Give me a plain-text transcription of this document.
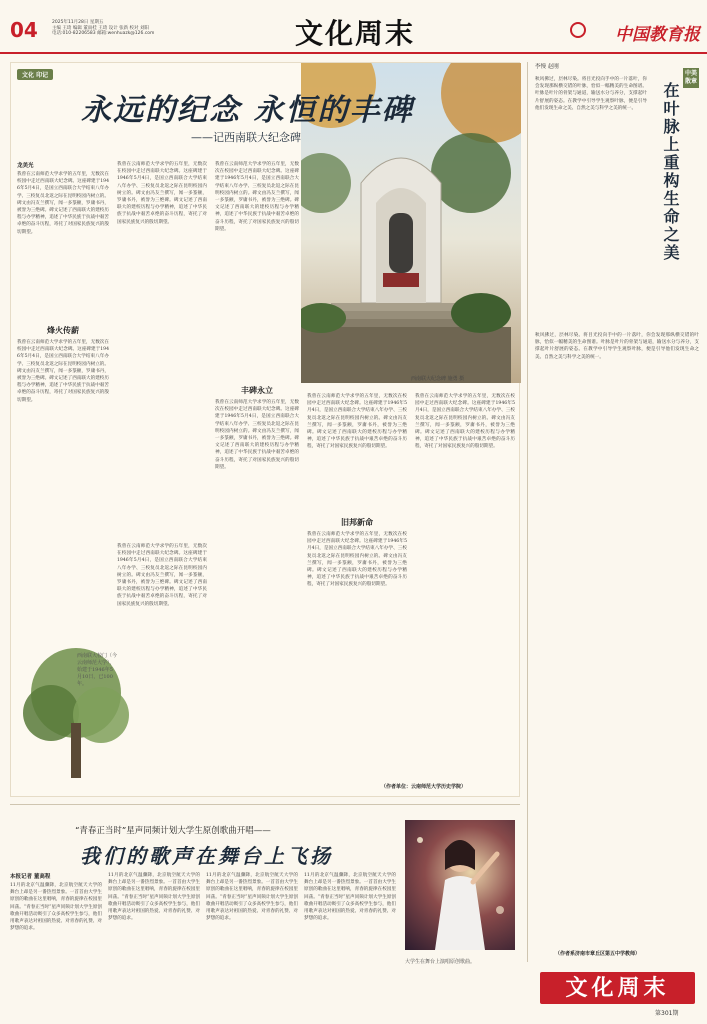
04	2025年11月28日 星期五
主编 王琦 编辑 董雨桂 王琦 设计 张新 校对 刘阳
电话:010-82206583 邮箱:wenhuazk@126.com	文化周末	中国教育报
文化 印记
永远的纪念 永恒的丰碑
——记西南联大纪念碑
西南联大纪念碑 施勇 摄
龙美光
我曾在云南师范大学求学的五年里，无数次在校园中走过西南联大纪念碑。这座碑建于1946年5月4日，是国立西南联合大学结束八年办学、三校复员北返之际在昆明校园内树立的。碑文由冯友兰撰写，闻一多篆额，罗庸书丹，被誉为三绝碑。碑文记述了西南联大的建校历程与办学精神，追述了中华民族于抗战中艰苦卓绝的奋斗历程，寄托了对国家民族复兴的殷切期望。
烽火传薪
我曾在云南师范大学求学的五年里，无数次在校园中走过西南联大纪念碑。这座碑建于1946年5月4日，是国立西南联合大学结束八年办学、三校复员北返之际在昆明校园内树立的。碑文由冯友兰撰写，闻一多篆额，罗庸书丹，被誉为三绝碑。碑文记述了西南联大的建校历程与办学精神，追述了中华民族于抗战中艰苦卓绝的奋斗历程，寄托了对国家民族复兴的殷切期望。
西南联大校门（今云南师范大学），始建于1946年5月10日，已100年。
我曾在云南师范大学求学的五年里，无数次在校园中走过西南联大纪念碑。这座碑建于1946年5月4日，是国立西南联合大学结束八年办学、三校复员北返之际在昆明校园内树立的。碑文由冯友兰撰写，闻一多篆额，罗庸书丹，被誉为三绝碑。碑文记述了西南联大的建校历程与办学精神，追述了中华民族于抗战中艰苦卓绝的奋斗历程，寄托了对国家民族复兴的殷切期望。
我曾在云南师范大学求学的五年里，无数次在校园中走过西南联大纪念碑。这座碑建于1946年5月4日，是国立西南联合大学结束八年办学、三校复员北返之际在昆明校园内树立的。碑文由冯友兰撰写，闻一多篆额，罗庸书丹，被誉为三绝碑。碑文记述了西南联大的建校历程与办学精神，追述了中华民族于抗战中艰苦卓绝的奋斗历程，寄托了对国家民族复兴的殷切期望。
我曾在云南师范大学求学的五年里，无数次在校园中走过西南联大纪念碑。这座碑建于1946年5月4日，是国立西南联合大学结束八年办学、三校复员北返之际在昆明校园内树立的。碑文由冯友兰撰写，闻一多篆额，罗庸书丹，被誉为三绝碑。碑文记述了西南联大的建校历程与办学精神，追述了中华民族于抗战中艰苦卓绝的奋斗历程，寄托了对国家民族复兴的殷切期望。
丰碑永立
我曾在云南师范大学求学的五年里，无数次在校园中走过西南联大纪念碑。这座碑建于1946年5月4日，是国立西南联合大学结束八年办学、三校复员北返之际在昆明校园内树立的。碑文由冯友兰撰写，闻一多篆额，罗庸书丹，被誉为三绝碑。碑文记述了西南联大的建校历程与办学精神，追述了中华民族于抗战中艰苦卓绝的奋斗历程，寄托了对国家民族复兴的殷切期望。
我曾在云南师范大学求学的五年里，无数次在校园中走过西南联大纪念碑。这座碑建于1946年5月4日，是国立西南联合大学结束八年办学、三校复员北返之际在昆明校园内树立的。碑文由冯友兰撰写，闻一多篆额，罗庸书丹，被誉为三绝碑。碑文记述了西南联大的建校历程与办学精神，追述了中华民族于抗战中艰苦卓绝的奋斗历程，寄托了对国家民族复兴的殷切期望。
旧邦新命
我曾在云南师范大学求学的五年里，无数次在校园中走过西南联大纪念碑。这座碑建于1946年5月4日，是国立西南联合大学结束八年办学、三校复员北返之际在昆明校园内树立的。碑文由冯友兰撰写，闻一多篆额，罗庸书丹，被誉为三绝碑。碑文记述了西南联大的建校历程与办学精神，追述了中华民族于抗战中艰苦卓绝的奋斗历程，寄托了对国家民族复兴的殷切期望。
我曾在云南师范大学求学的五年里，无数次在校园中走过西南联大纪念碑。这座碑建于1946年5月4日，是国立西南联合大学结束八年办学、三校复员北返之际在昆明校园内树立的。碑文由冯友兰撰写，闻一多篆额，罗庸书丹，被誉为三绝碑。碑文记述了西南联大的建校历程与办学精神，追述了中华民族于抗战中艰苦卓绝的奋斗历程，寄托了对国家民族复兴的殷切期望。
（作者单位：云南师范大学历史学院）
李慢 赵刚
中美散章
在叶脉上重构生命之美
秋风拂过，层林尽染。将目光投向手中的一片落叶，你会发现那纵横交错的叶脉，恰似一幅精美的生命图谱。叶脉是叶片的骨架与通道，输送水分与养分，支撑起叶片舒展的姿态。在教学中引导学生观察叶脉，便是引导他们发现生命之美、自然之美与科学之美的统一。
秋风拂过，层林尽染。将目光投向手中的一片落叶，你会发现那纵横交错的叶脉，恰似一幅精美的生命图谱。叶脉是叶片的骨架与通道，输送水分与养分，支撑起叶片舒展的姿态。在教学中引导学生观察叶脉，便是引导他们发现生命之美、自然之美与科学之美的统一。
（作者系济南市章丘区第五中学教师）
“青春正当时”星声同频计划大学生原创歌曲开唱——
我们的歌声在舞台上飞扬
本报记者 董高程
11月的北京气温骤降，北京航空航天大学的舞台上却是另一番热烈景象。一首首由大学生原创的歌曲在这里唱响，青春的旋律在校园里回荡。“青春正当时”星声同频计划大学生原创歌曲开唱活动吸引了众多高校学生参与，他们用歌声表达对祖国的热爱、对青春的礼赞、对梦想的追求。
11月的北京气温骤降，北京航空航天大学的舞台上却是另一番热烈景象。一首首由大学生原创的歌曲在这里唱响，青春的旋律在校园里回荡。“青春正当时”星声同频计划大学生原创歌曲开唱活动吸引了众多高校学生参与，他们用歌声表达对祖国的热爱、对青春的礼赞、对梦想的追求。
11月的北京气温骤降，北京航空航天大学的舞台上却是另一番热烈景象。一首首由大学生原创的歌曲在这里唱响，青春的旋律在校园里回荡。“青春正当时”星声同频计划大学生原创歌曲开唱活动吸引了众多高校学生参与，他们用歌声表达对祖国的热爱、对青春的礼赞、对梦想的追求。
11月的北京气温骤降，北京航空航天大学的舞台上却是另一番热烈景象。一首首由大学生原创的歌曲在这里唱响，青春的旋律在校园里回荡。“青春正当时”星声同频计划大学生原创歌曲开唱活动吸引了众多高校学生参与，他们用歌声表达对祖国的热爱、对青春的礼赞、对梦想的追求。
大学生在舞台上演唱原创歌曲。
文化周末
第301期
